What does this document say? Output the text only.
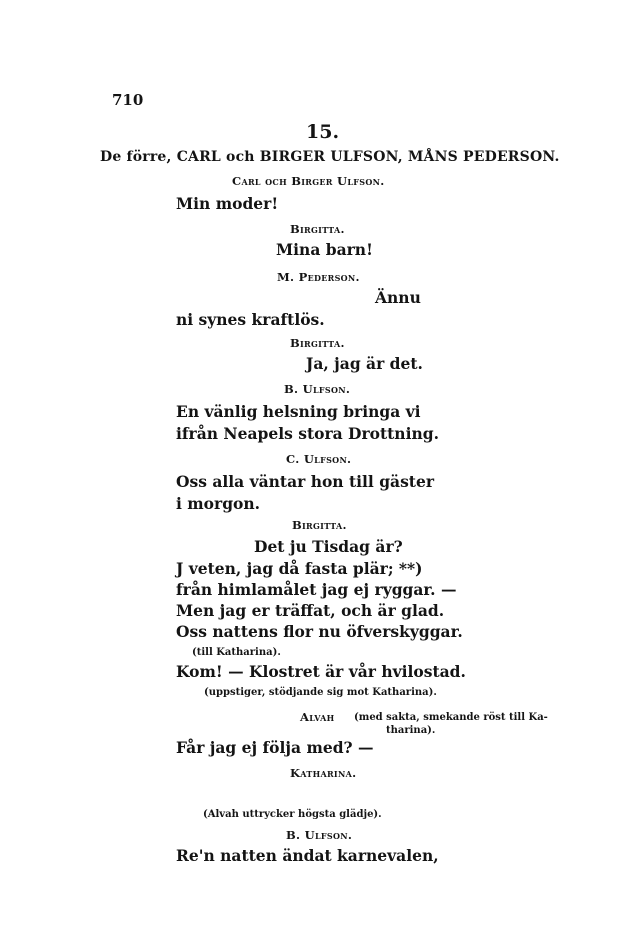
710
15.
De förre, CARL och BIRGER ULFSON, MÅNS PEDERSON.
Carl och Birger Ulfson.
Min moder!
Birgitta.
Mina barn!
M. Pederson.
Ännu
ni synes kraftlös.
Birgitta.
Ja, jag är det.
B. Ulfson.
En vänlig helsning bringa vi
ifrån Neapels stora Drottning.
C. Ulfson.
Oss alla väntar hon till gäster
i morgon.
Birgitta.
Det ju Tisdag är?
J veten, jag då fasta plär; **)
från himlamålet jag ej ryggar. —
Men jag er träffat, och är glad.
Oss nattens flor nu öfverskyggar.
(till Katharina).
Kom! — Klostret är vår hvilostad.
(uppstiger, stödjande sig mot Katharina).
Alvah (med sakta, smekande röst till Ka-
tharina).
Får jag ej följa med? —
Katharina.
(Alvah uttrycker högsta glädje).
B. Ulfson.
Re'n natten ändat karnevalen,
